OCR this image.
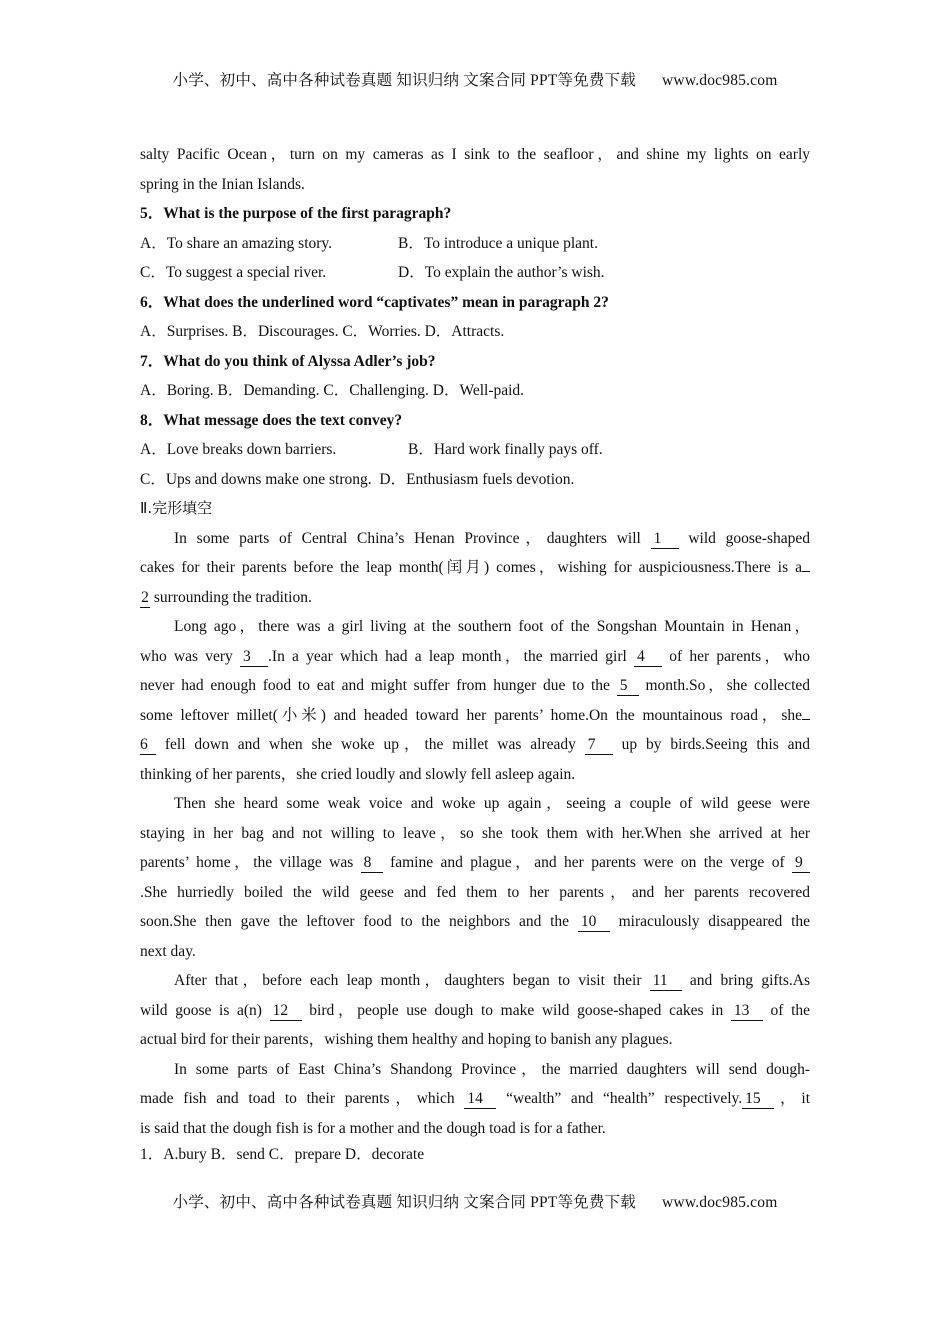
小学、初中、高中各种试卷真题 知识归纳 文案合同 PPT等免费下载 www.doc985.com
salty Pacific Ocean，turn on my cameras as I sink to the seafloor，and shine my lights on early
spring in the Inian Islands.
5．What is the purpose of the first paragraph?
A．To share an amazing story.	B．To introduce a unique plant.
C．To suggest a special river.	D．To explain the author’s wish.
6．What does the underlined word “captivates” mean in paragraph 2?
A．Surprises. B．Discourages. C．Worries. D．Attracts.
7．What do you think of Alyssa Adler’s job?
A．Boring. B．Demanding. C．Challenging. D．Well-paid.
8．What message does the text convey?
A．Love breaks down barriers.	B．Hard work finally pays off.
C．Ups and downs make one strong. D．Enthusiasm fuels devotion.
Ⅱ.完形填空
In some parts of Central China’s Henan Province，daughters will 1 wild goose-shaped
cakes for their parents before the leap month(闰月) comes，wishing for auspiciousness.There is a
2 surrounding the tradition.
Long ago，there was a girl living at the southern foot of the Songshan Mountain in Henan，
who was very 3 .In a year which had a leap month，the married girl 4 of her parents，who
never had enough food to eat and might suffer from hunger due to the 5 month.So，she collected
some leftover millet(小米) and headed toward her parents’ home.On the mountainous road，she
6 fell down and when she woke up，the millet was already 7 up by birds.Seeing this and
thinking of her parents，she cried loudly and slowly fell asleep again.
Then she heard some weak voice and woke up again，seeing a couple of wild geese were
staying in her bag and not willing to leave，so she took them with her.When she arrived at her
parents’ home，the village was 8 famine and plague，and her parents were on the verge of 9
.She hurriedly boiled the wild geese and fed them to her parents，and her parents recovered
soon.She then gave the leftover food to the neighbors and the 10 miraculously disappeared the
next day.
After that，before each leap month，daughters began to visit their 11 and bring gifts.As
wild goose is a(n) 12 bird，people use dough to make wild goose-shaped cakes in 13 of the
actual bird for their parents，wishing them healthy and hoping to banish any plagues.
In some parts of East China’s Shandong Province，the married daughters will send dough-
made fish and toad to their parents，which 14 “wealth” and “health” respectively. 15 ，it
is said that the dough fish is for a mother and the dough toad is for a father.
1．A.bury B．send C．prepare D．decorate
小学、初中、高中各种试卷真题 知识归纳 文案合同 PPT等免费下载 www.doc985.com
